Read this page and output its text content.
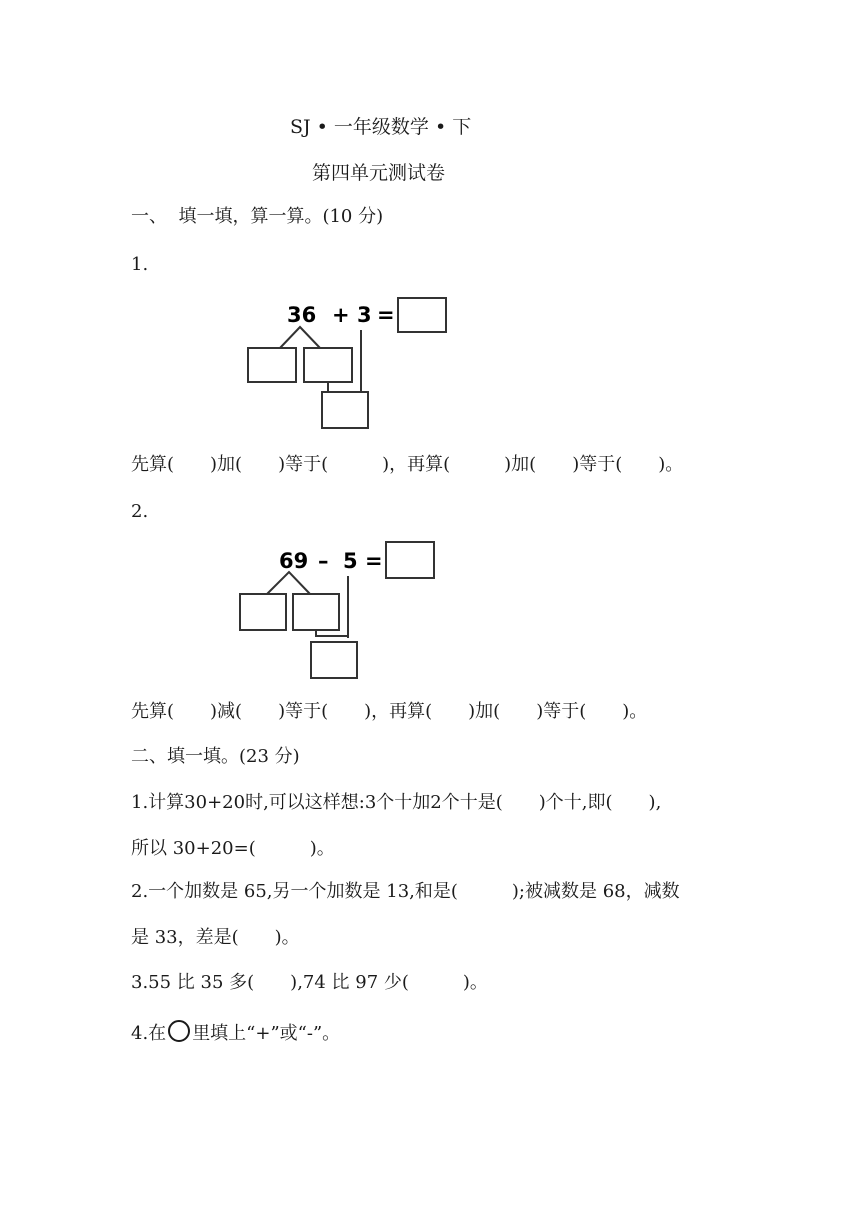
SJ • 一年级数学 • 下
第四单元测试卷
一、  填一填，算一算。(10 分)
1.
36 + 3 =
先算(　　)加(　　)等于(　　　)，再算(　　　)加(　　)等于(　　)。
2.
69 – 5 =
先算(　　)减(　　)等于(　　)，再算(　　)加(　　)等于(　　)。
二、填一填。(23 分)
1.计算30+20时,可以这样想:3个十加2个十是(　　)个十,即(　　),
所以 30+20=(　　　)。
2.一个加数是 65,另一个加数是 13,和是(　　　);被减数是 68，减数
是 33，差是(　　)。
3.55 比 35 多(　　),74 比 97 少(　　　)。
4.在 里填上“+”或“-”。
